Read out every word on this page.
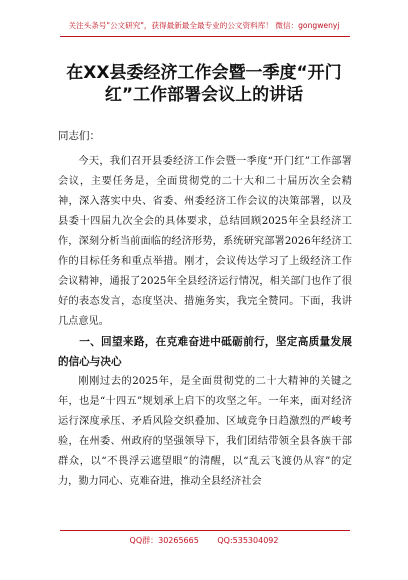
关注头条号"公文研究"，获得最新最全最专业的公文资料库！ 微信：gongwenyj
在XX县委经济工作会暨一季度“开门
红”工作部署会议上的讲话
同志们：

今天，我们召开县委经济工作会暨一季度“开门红”工作部署会议，主要任务是，全面贯彻党的二十大和二十届历次全会精神，深入落实中央、省委、州委经济工作会议的决策部署，以及县委十四届九次全会的具体要求，总结回顾2025年全县经济工作，深刻分析当前面临的经济形势，系统研究部署2026年经济工作的目标任务和重点举措。刚才，会议传达学习了上级经济工作会议精神，通报了2025年全县经济运行情况，相关部门也作了很好的表态发言，态度坚决、措施务实，我完全赞同。下面，我讲几点意见。

一、回望来路，在克难奋进中砥砺前行，坚定高质量发展的信心与决心

刚刚过去的2025年，是全面贯彻党的二十大精神的关键之年，也是“十四五”规划承上启下的攻坚之年。一年来，面对经济运行深度承压、矛盾风险交织叠加、区域竞争日趋激烈的严峻考验，在州委、州政府的坚强领导下，我们团结带领全县各族干部群众，以“不畏浮云遮望眼”的清醒，以“乱云飞渡仍从容”的定力，勠力同心、克难奋进，推动全县经济社会

QQ群：30265665 QQ:535304092
